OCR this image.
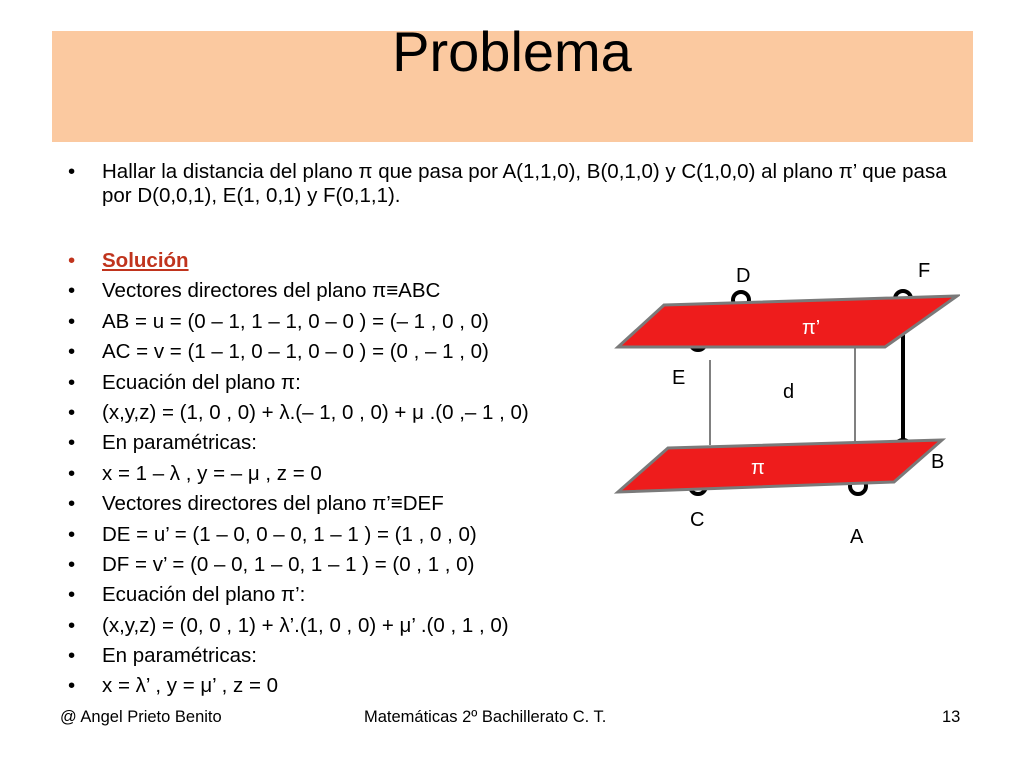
Problema
•	Hallar la distancia del plano π que pasa por A(1,1,0), B(0,1,0) y C(1,0,0) al plano π’ que pasa por D(0,0,1), E(1, 0,1) y F(0,1,1).
•	Solución
•	Vectores directores del plano π≡ABC
•	AB = u = (0 – 1, 1 – 1, 0 – 0 ) = (– 1 , 0 , 0)
•	AC = v = (1 – 1, 0 – 1, 0 – 0 ) = (0 , – 1 , 0)
•	Ecuación del plano π:
•	(x,y,z) = (1, 0 , 0) + λ.(– 1, 0 , 0) + μ .(0 ,– 1 , 0)
•	En paramétricas:
•	x = 1 – λ , y = – μ , z = 0
•	Vectores directores del plano π’≡DEF
•	DE = u’ = (1 – 0, 0 – 0, 1 – 1 ) = (1 , 0 , 0)
•	DF = v’ = (0 – 0, 1 – 0, 1 – 1 ) = (0 , 1 , 0)
•	Ecuación del plano π’:
•	(x,y,z) = (0, 0 , 1) + λ’.(1, 0 , 0) + μ’ .(0 , 1 , 0)
•	En paramétricas:
•	x = λ’ , y = μ’ , z = 0
D	F
E
d
B
C
A
π’
π
@ Angel Prieto Benito	Matemáticas 2º Bachillerato C. T.	13
